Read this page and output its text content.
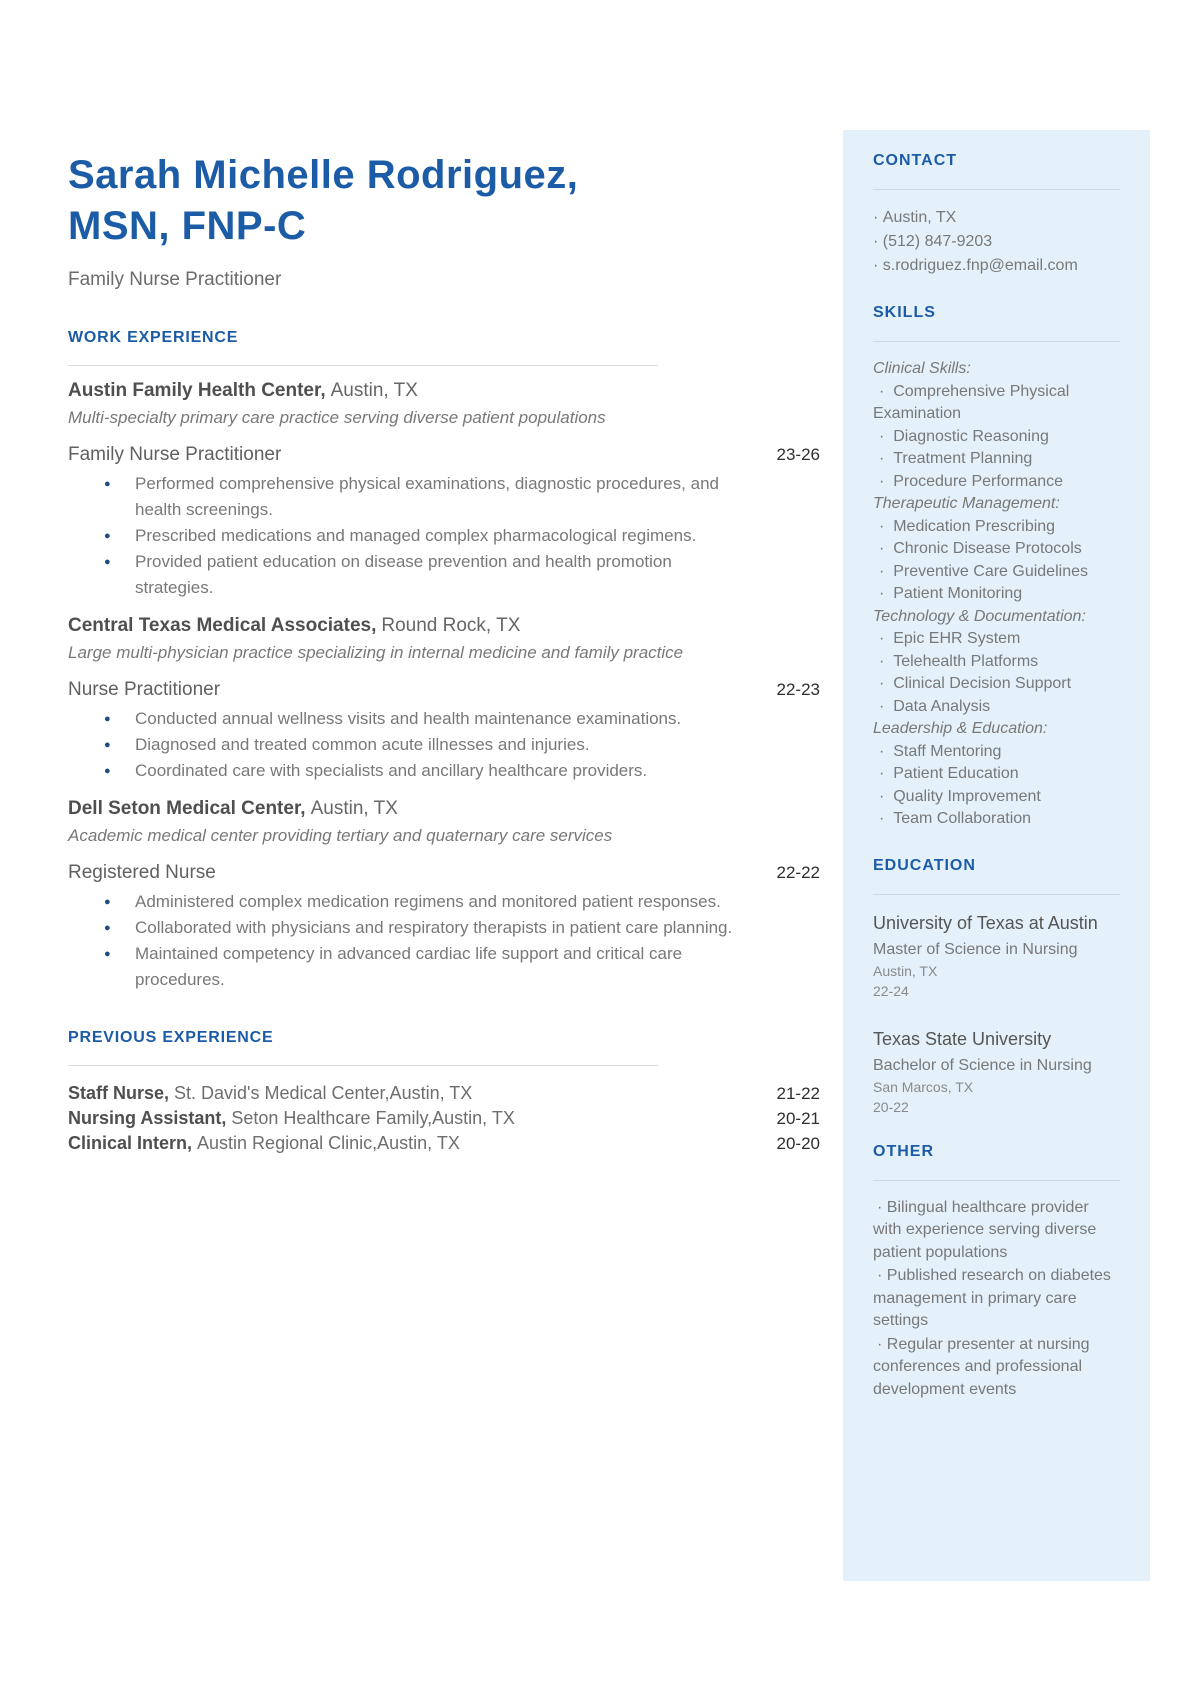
Sarah Michelle Rodriguez,
MSN, FNP-C
Family Nurse Practitioner
WORK EXPERIENCE
Austin Family Health Center, Austin, TX
Multi-specialty primary care practice serving diverse patient populations
Family Nurse Practitioner	23-26
● Performed comprehensive physical examinations, diagnostic procedures, and health screenings.
● Prescribed medications and managed complex pharmacological regimens.
● Provided patient education on disease prevention and health promotion strategies.
Central Texas Medical Associates, Round Rock, TX
Large multi-physician practice specializing in internal medicine and family practice
Nurse Practitioner	22-23
● Conducted annual wellness visits and health maintenance examinations.
● Diagnosed and treated common acute illnesses and injuries.
● Coordinated care with specialists and ancillary healthcare providers.
Dell Seton Medical Center, Austin, TX
Academic medical center providing tertiary and quaternary care services
Registered Nurse	22-22
● Administered complex medication regimens and monitored patient responses.
● Collaborated with physicians and respiratory therapists in patient care planning.
● Maintained competency in advanced cardiac life support and critical care procedures.
PREVIOUS EXPERIENCE
Staff Nurse, St. David's Medical Center,Austin, TX	21-22
Nursing Assistant, Seton Healthcare Family,Austin, TX	20-21
Clinical Intern, Austin Regional Clinic,Austin, TX	20-20
CONTACT
· Austin, TX
· (512) 847-9203
· s.rodriguez.fnp@email.com
SKILLS
Clinical Skills:
·  Comprehensive Physical Examination
·  Diagnostic Reasoning
·  Treatment Planning
·  Procedure Performance
Therapeutic Management:
·  Medication Prescribing
·  Chronic Disease Protocols
·  Preventive Care Guidelines
·  Patient Monitoring
Technology & Documentation:
·  Epic EHR System
·  Telehealth Platforms
·  Clinical Decision Support
·  Data Analysis
Leadership & Education:
·  Staff Mentoring
·  Patient Education
·  Quality Improvement
·  Team Collaboration
EDUCATION
University of Texas at Austin
Master of Science in Nursing
Austin, TX
22-24
Texas State University
Bachelor of Science in Nursing
San Marcos, TX
20-22
OTHER
· Bilingual healthcare provider with experience serving diverse patient populations
· Published research on diabetes management in primary care settings
· Regular presenter at nursing conferences and professional development events
